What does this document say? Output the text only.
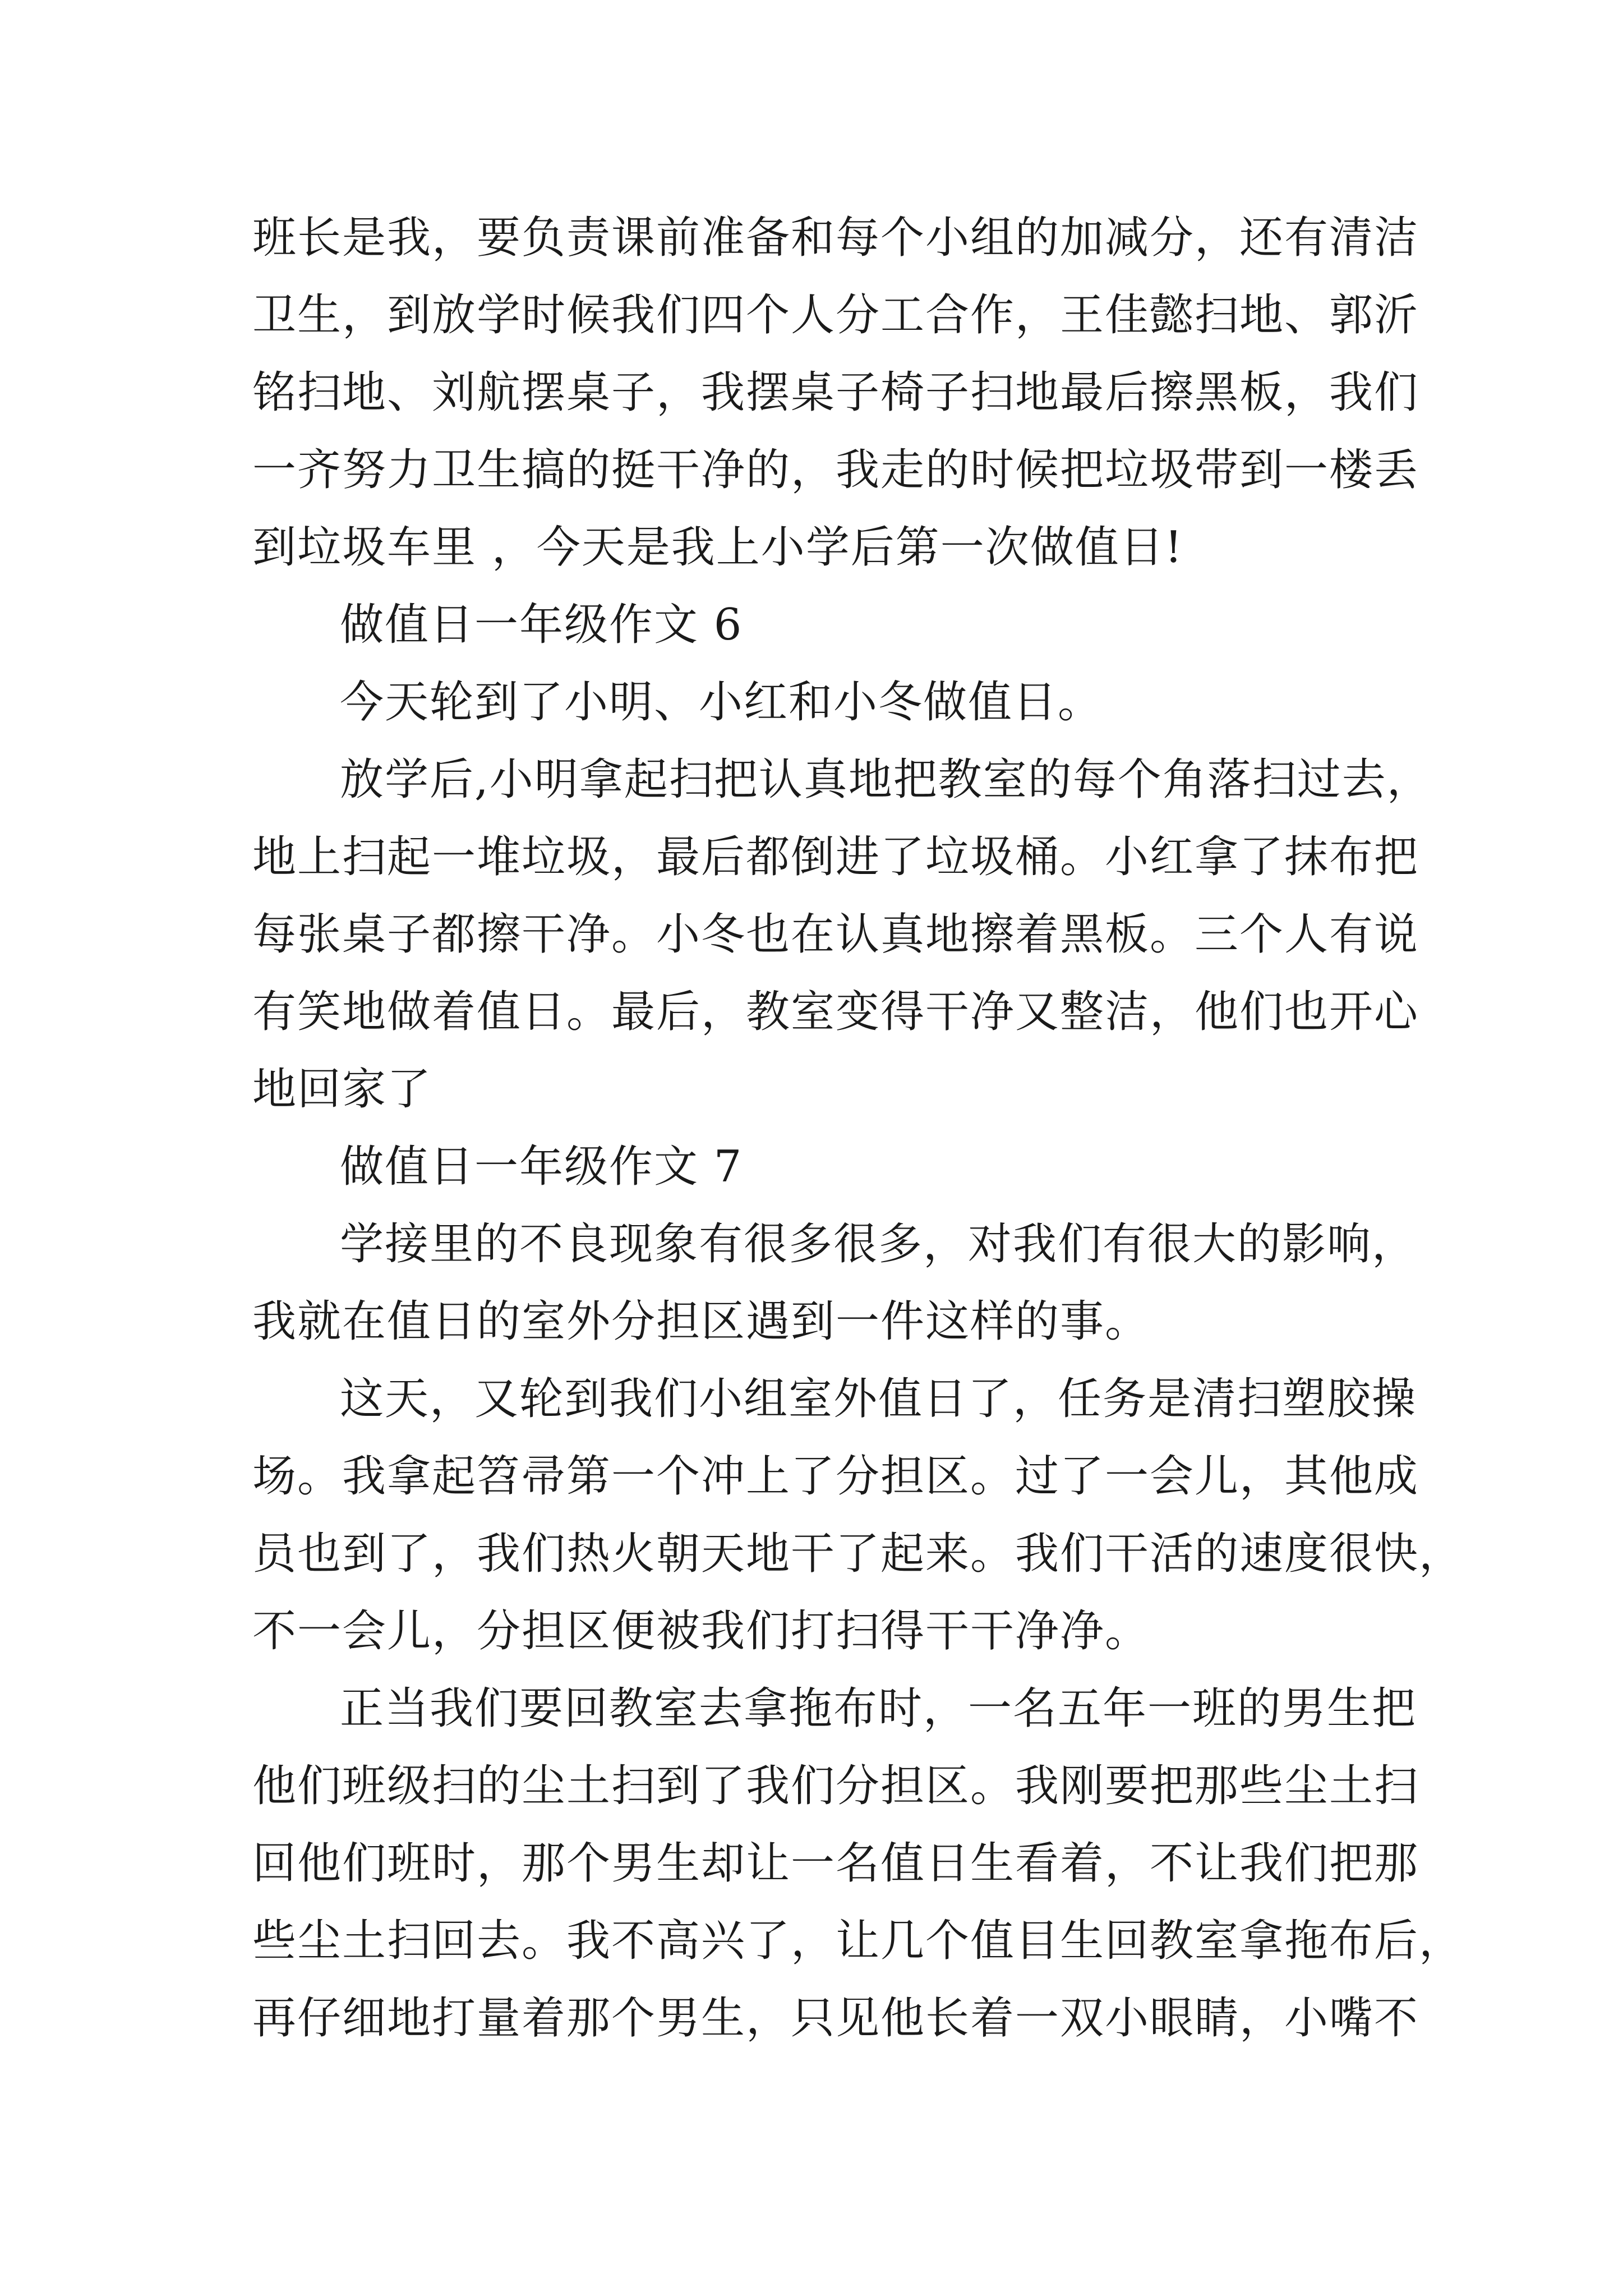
班长是我，要负责课前准备和每个小组的加减分，还有清洁
卫生，到放学时候我们四个人分工合作，王佳懿扫地、郭沂
铭扫地、刘航摆桌子，我摆桌子椅子扫地最后擦黑板，我们
一齐努力卫生搞的挺干净的，我走的时候把垃圾带到一楼丢
到垃圾车里 ，今天是我上小学后第一次做值日!
做值日一年级作文 6
今天轮到了小明、小红和小冬做值日。
放学后,小明拿起扫把认真地把教室的每个角落扫过去，
地上扫起一堆垃圾，最后都倒进了垃圾桶。小红拿了抹布把
每张桌子都擦干净。小冬也在认真地擦着黑板。三个人有说
有笑地做着值日。最后，教室变得干净又整洁，他们也开心
地回家了
做值日一年级作文 7
学接里的不良现象有很多很多，对我们有很大的影响，
我就在值日的室外分担区遇到一件这样的事。
这天，又轮到我们小组室外值日了，任务是清扫塑胶操
场。我拿起笤帚第一个冲上了分担区。过了一会儿，其他成
员也到了，我们热火朝天地干了起来。我们干活的速度很快，
不一会儿，分担区便被我们打扫得干干净净。
正当我们要回教室去拿拖布时，一名五年一班的男生把
他们班级扫的尘土扫到了我们分担区。我刚要把那些尘土扫
回他们班时，那个男生却让一名值日生看着，不让我们把那
些尘土扫回去。我不高兴了，让几个值目生回教室拿拖布后，
再仔细地打量着那个男生，只见他长着一双小眼睛，小嘴不
